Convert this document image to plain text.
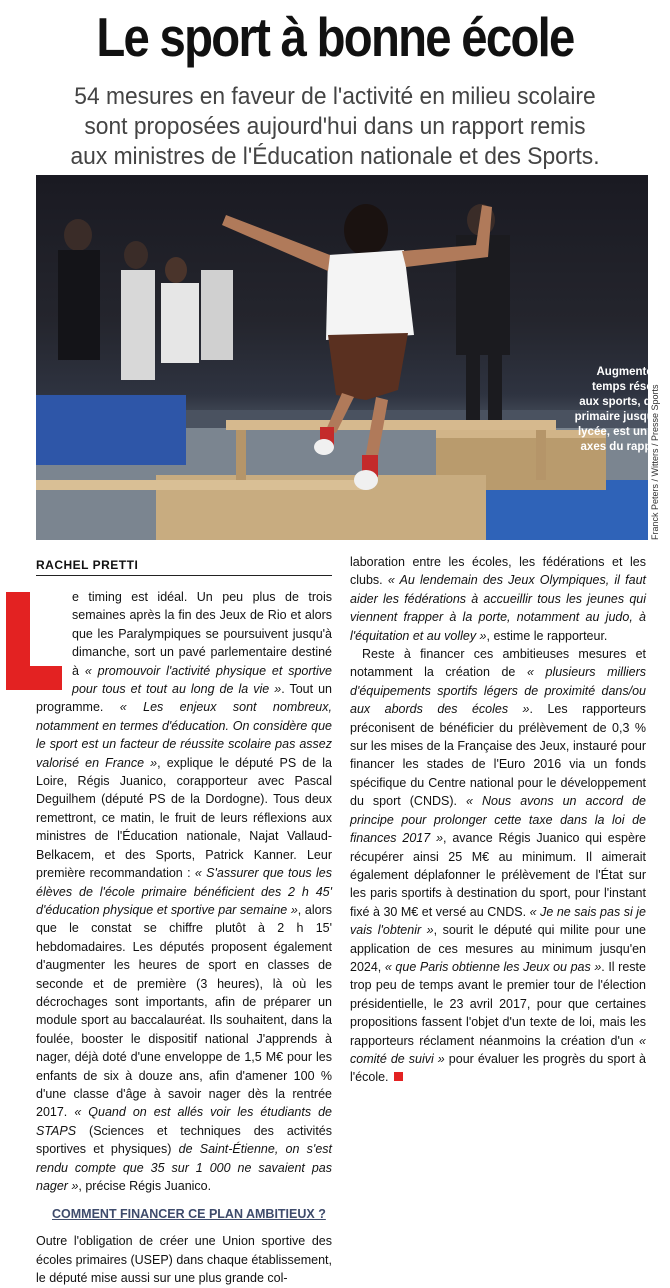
Le sport à bonne école
54 mesures en faveur de l'activité en milieu scolaire
sont proposées aujourd'hui dans un rapport remis
aux ministres de l'Éducation nationale et des Sports.
Augmenter le temps réservé aux sports, de la primaire jusqu'au lycée, est un des axes du rapport.
Franck Peters / Witters / Presse Sports
RACHEL PRETTI

e timing est idéal. Un peu plus de trois semaines après la fin des Jeux de Rio et alors que les Paralympiques se poursuivent jusqu'à dimanche, sort un pavé parlementaire destiné à « promouvoir l'activité physique et sportive pour tous et tout au long de la vie ». Tout un programme. « Les enjeux sont nombreux, notamment en termes d'éducation. On considère que le sport est un facteur de réussite scolaire pas assez valorisé en France », explique le député PS de la Loire, Régis Juanico, corapporteur avec Pascal Deguilhem (député PS de la Dordogne). Tous deux remettront, ce matin, le fruit de leurs réflexions aux ministres de l'Éducation nationale, Najat Vallaud-Belkacem, et des Sports, Patrick Kanner. Leur première recommandation : « S'assurer que tous les élèves de l'école primaire bénéficient des 2 h 45' d'éducation physique et sportive par semaine », alors que le constat se chiffre plutôt à 2 h 15' hebdomadaires. Les députés proposent également d'augmenter les heures de sport en classes de seconde et de première (3 heures), là où les décrochages sont importants, afin de préparer un module sport au baccalauréat. Ils souhaitent, dans la foulée, booster le dispositif national J'apprends à nager, déjà doté d'une enveloppe de 1,5 M€ pour les enfants de six à douze ans, afin d'amener 100 % d'une classe d'âge à savoir nager dès la rentrée 2017. « Quand on est allés voir les étudiants de STAPS (Sciences et techniques des activités sportives et physiques) de Saint-Étienne, on s'est rendu compte que 35 sur 1 000 ne savaient pas nager », précise Régis Juanico.

COMMENT FINANCER CE PLAN AMBITIEUX ?

Outre l'obligation de créer une Union sportive des écoles primaires (USEP) dans chaque établissement, le député mise aussi sur une plus grande col-

laboration entre les écoles, les fédérations et les clubs. « Au lendemain des Jeux Olympiques, il faut aider les fédérations à accueillir tous les jeunes qui viennent frapper à la porte, notamment au judo, à l'équitation et au volley », estime le rapporteur.

Reste à financer ces ambitieuses mesures et notamment la création de « plusieurs milliers d'équipements sportifs légers de proximité dans/ou aux abords des écoles ». Les rapporteurs préconisent de bénéficier du prélèvement de 0,3 % sur les mises de la Française des Jeux, instauré pour financer les stades de l'Euro 2016 via un fonds spécifique du Centre national pour le développement du sport (CNDS). « Nous avons un accord de principe pour prolonger cette taxe dans la loi de finances 2017 », avance Régis Juanico qui espère récupérer ainsi 25 M€ au minimum. Il aimerait également déplafonner le prélèvement de l'État sur les paris sportifs à destination du sport, pour l'instant fixé à 30 M€ et versé au CNDS. « Je ne sais pas si je vais l'obtenir », sourit le député qui milite pour une application de ces mesures au minimum jusqu'en 2024, « que Paris obtienne les Jeux ou pas ». Il reste trop peu de temps avant le premier tour de l'élection présidentielle, le 23 avril 2017, pour que certaines propositions fassent l'objet d'un texte de loi, mais les rapporteurs réclament néanmoins la création d'un « comité de suivi » pour évaluer les progrès du sport à l'école.
